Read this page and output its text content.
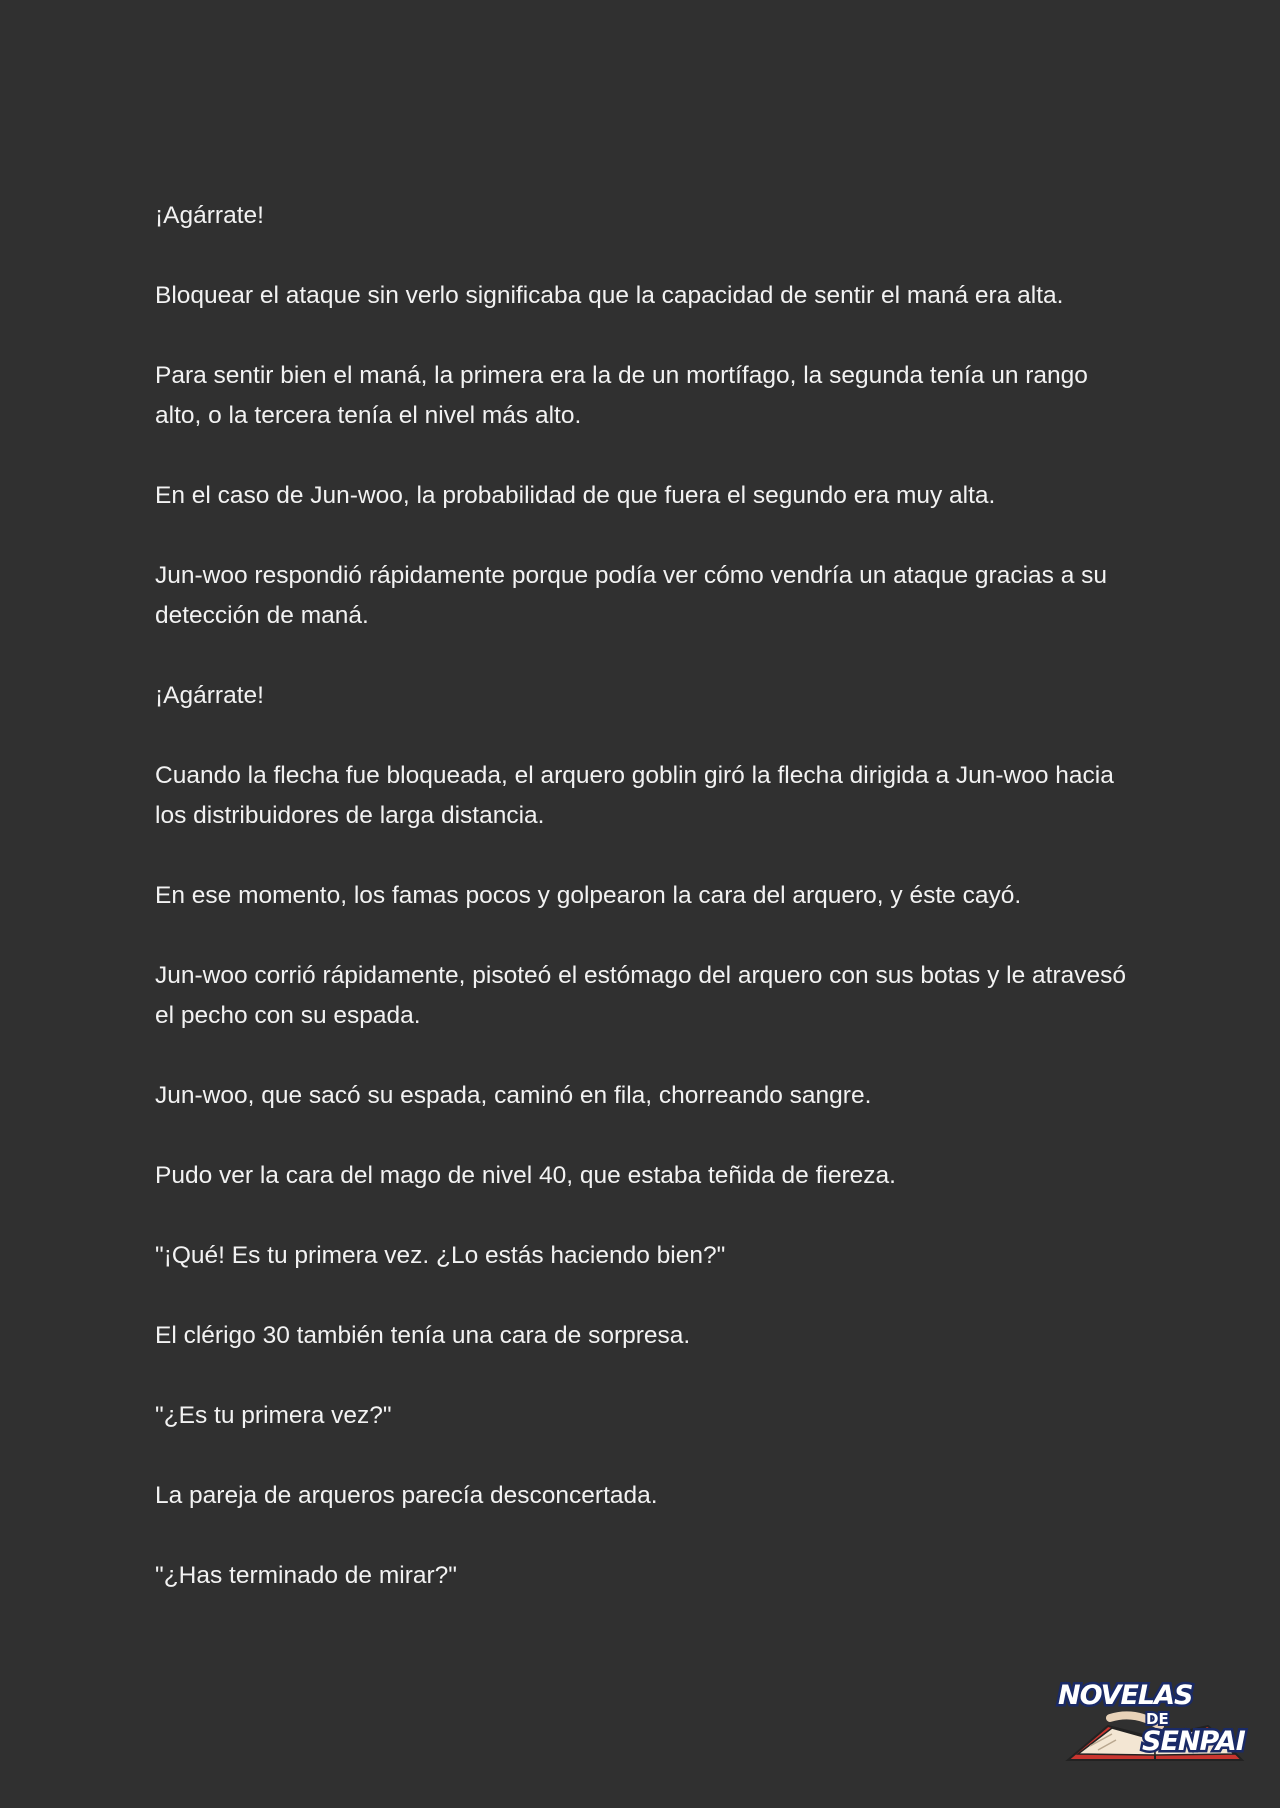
¡Agárrate!

Bloquear el ataque sin verlo significaba que la capacidad de sentir el maná era alta.

Para sentir bien el maná, la primera era la de un mortífago, la segunda tenía un rango alto, o la tercera tenía el nivel más alto.

En el caso de Jun-woo, la probabilidad de que fuera el segundo era muy alta.

Jun-woo respondió rápidamente porque podía ver cómo vendría un ataque gracias a su detección de maná.

¡Agárrate!

Cuando la flecha fue bloqueada, el arquero goblin giró la flecha dirigida a Jun-woo hacia los distribuidores de larga distancia.

En ese momento, los famas pocos y golpearon la cara del arquero, y éste cayó.

Jun-woo corrió rápidamente, pisoteó el estómago del arquero con sus botas y le atravesó el pecho con su espada.

Jun-woo, que sacó su espada, caminó en fila, chorreando sangre.

Pudo ver la cara del mago de nivel 40, que estaba teñida de fiereza.

"¡Qué! Es tu primera vez. ¿Lo estás haciendo bien?"

El clérigo 30 también tenía una cara de sorpresa.

"¿Es tu primera vez?"

La pareja de arqueros parecía desconcertada.

"¿Has terminado de mirar?"

NOVELAS
DE
SENPAI
